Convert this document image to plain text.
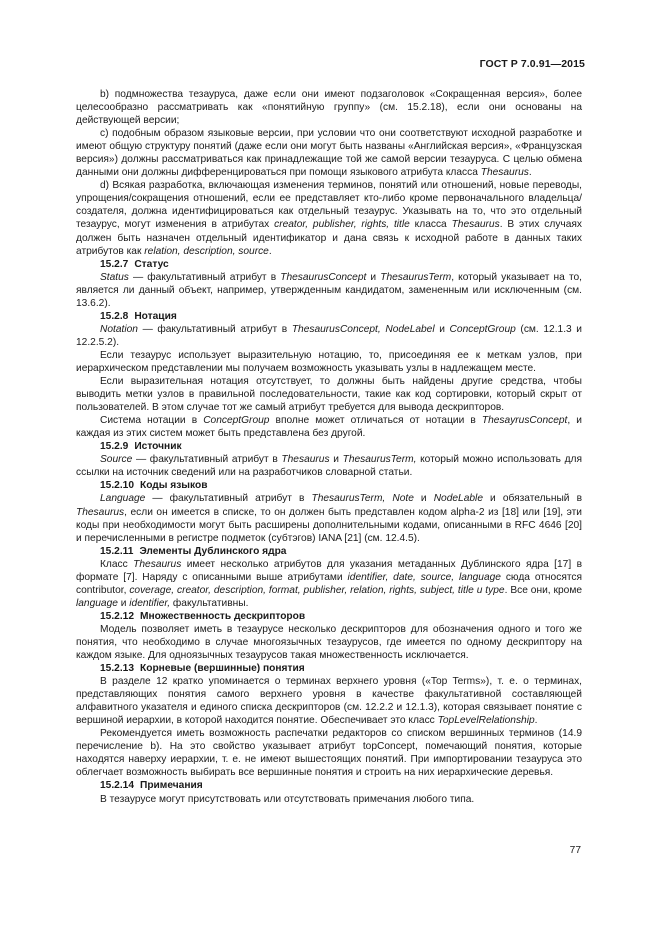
ГОСТ Р 7.0.91—2015

b) подмножества тезауруса, даже если они имеют подзаголовок «Сокращенная версия», более целесообразно рассматривать как «понятийную группу» (см. 15.2.18), если они основаны на действующей версии;

c) подобным образом языковые версии, при условии что они соответствуют исходной разработке и имеют общую структуру понятий (даже если они могут быть названы «Английская версия», «Французская версия») должны рассматриваться как принадлежащие той же самой версии тезауруса. С целью обмена данными они должны дифференцироваться при помощи языкового атрибута класса Thesaurus.

d) Всякая разработка, включающая изменения терминов, понятий или отношений, новые переводы, упрощения/сокращения отношений, если ее представляет кто-либо кроме первоначального владельца/создателя, должна идентифицироваться как отдельный тезаурус. Указывать на то, что это отдельный тезаурус, могут изменения в атрибутах creator, publisher, rights, title класса Thesaurus. В этих случаях должен быть назначен отдельный идентификатор и дана связь к исходной работе в данных таких атрибутов как relation, description, source.

15.2.7 Статус

Status — факультативный атрибут в ThesaurusConcept и ThesaurusTerm, который указывает на то, является ли данный объект, например, утвержденным кандидатом, замененным или исключенным (см. 13.6.2).

15.2.8 Нотация

Notation — факультативный атрибут в ThesaurusConcept, NodeLabel и ConceptGroup (см. 12.1.3 и 12.2.5.2).

Если тезаурус использует выразительную нотацию, то, присоединяя ее к меткам узлов, при иерархическом представлении мы получаем возможность указывать узлы в надлежащем месте.

Если выразительная нотация отсутствует, то должны быть найдены другие средства, чтобы выводить метки узлов в правильной последовательности, такие как код сортировки, который скрыт от пользователей. В этом случае тот же самый атрибут требуется для вывода дескрипторов.

Система нотации в ConceptGroup вполне может отличаться от нотации в ThesayrusConcept, и каждая из этих систем может быть представлена без другой.

15.2.9 Источник

Source — факультативный атрибут в Thesaurus и ThesaurusTerm, который можно использовать для ссылки на источник сведений или на разработчиков словарной статьи.

15.2.10 Коды языков

Language — факультативный атрибут в ThesaurusTerm, Note и NodeLable и обязательный в Thesaurus, если он имеется в списке, то он должен быть представлен кодом alpha-2 из [18] или [19], эти коды при необходимости могут быть расширены дополнительными кодами, описанными в RFC 4646 [20] и перечисленными в регистре подметок (субтэгов) IANA [21] (см. 12.4.5).

15.2.11 Элементы Дублинского ядра

Класс Thesaurus имеет несколько атрибутов для указания метаданных Дублинского ядра [17] в формате [7]. Наряду с описанными выше атрибутами identifier, date, source, language сюда относятся contributor, coverage, creator, description, format, publisher, relation, rights, subject, title u type. Все они, кроме language и identifier, факультативны.

15.2.12 Множественность дескрипторов

Модель позволяет иметь в тезаурусе несколько дескрипторов для обозначения одного и того же понятия, что необходимо в случае многоязычных тезаурусов, где имеется по одному дескриптору на каждом языке. Для одноязычных тезаурусов такая множественность исключается.

15.2.13 Корневые (вершинные) понятия

В разделе 12 кратко упоминается о терминах верхнего уровня («Top Terms»), т. е. о терминах, представляющих понятия самого верхнего уровня в качестве факультативной составляющей алфавитного указателя и единого списка дескрипторов (см. 12.2.2 и 12.1.3), которая связывает понятие с вершиной иерархии, в которой находится понятие. Обеспечивает это класс TopLevelRelationship.

Рекомендуется иметь возможность распечатки редакторов со списком вершинных терминов (14.9 перечисление b). На это свойство указывает атрибут topConcept, помечающий понятия, которые находятся наверху иерархии, т. е. не имеют вышестоящих понятий. При импортировании тезауруса это облегчает возможность выбирать все вершинные понятия и строить на них иерархические деревья.

15.2.14 Примечания

В тезаурусе могут присутствовать или отсутствовать примечания любого типа.

77
